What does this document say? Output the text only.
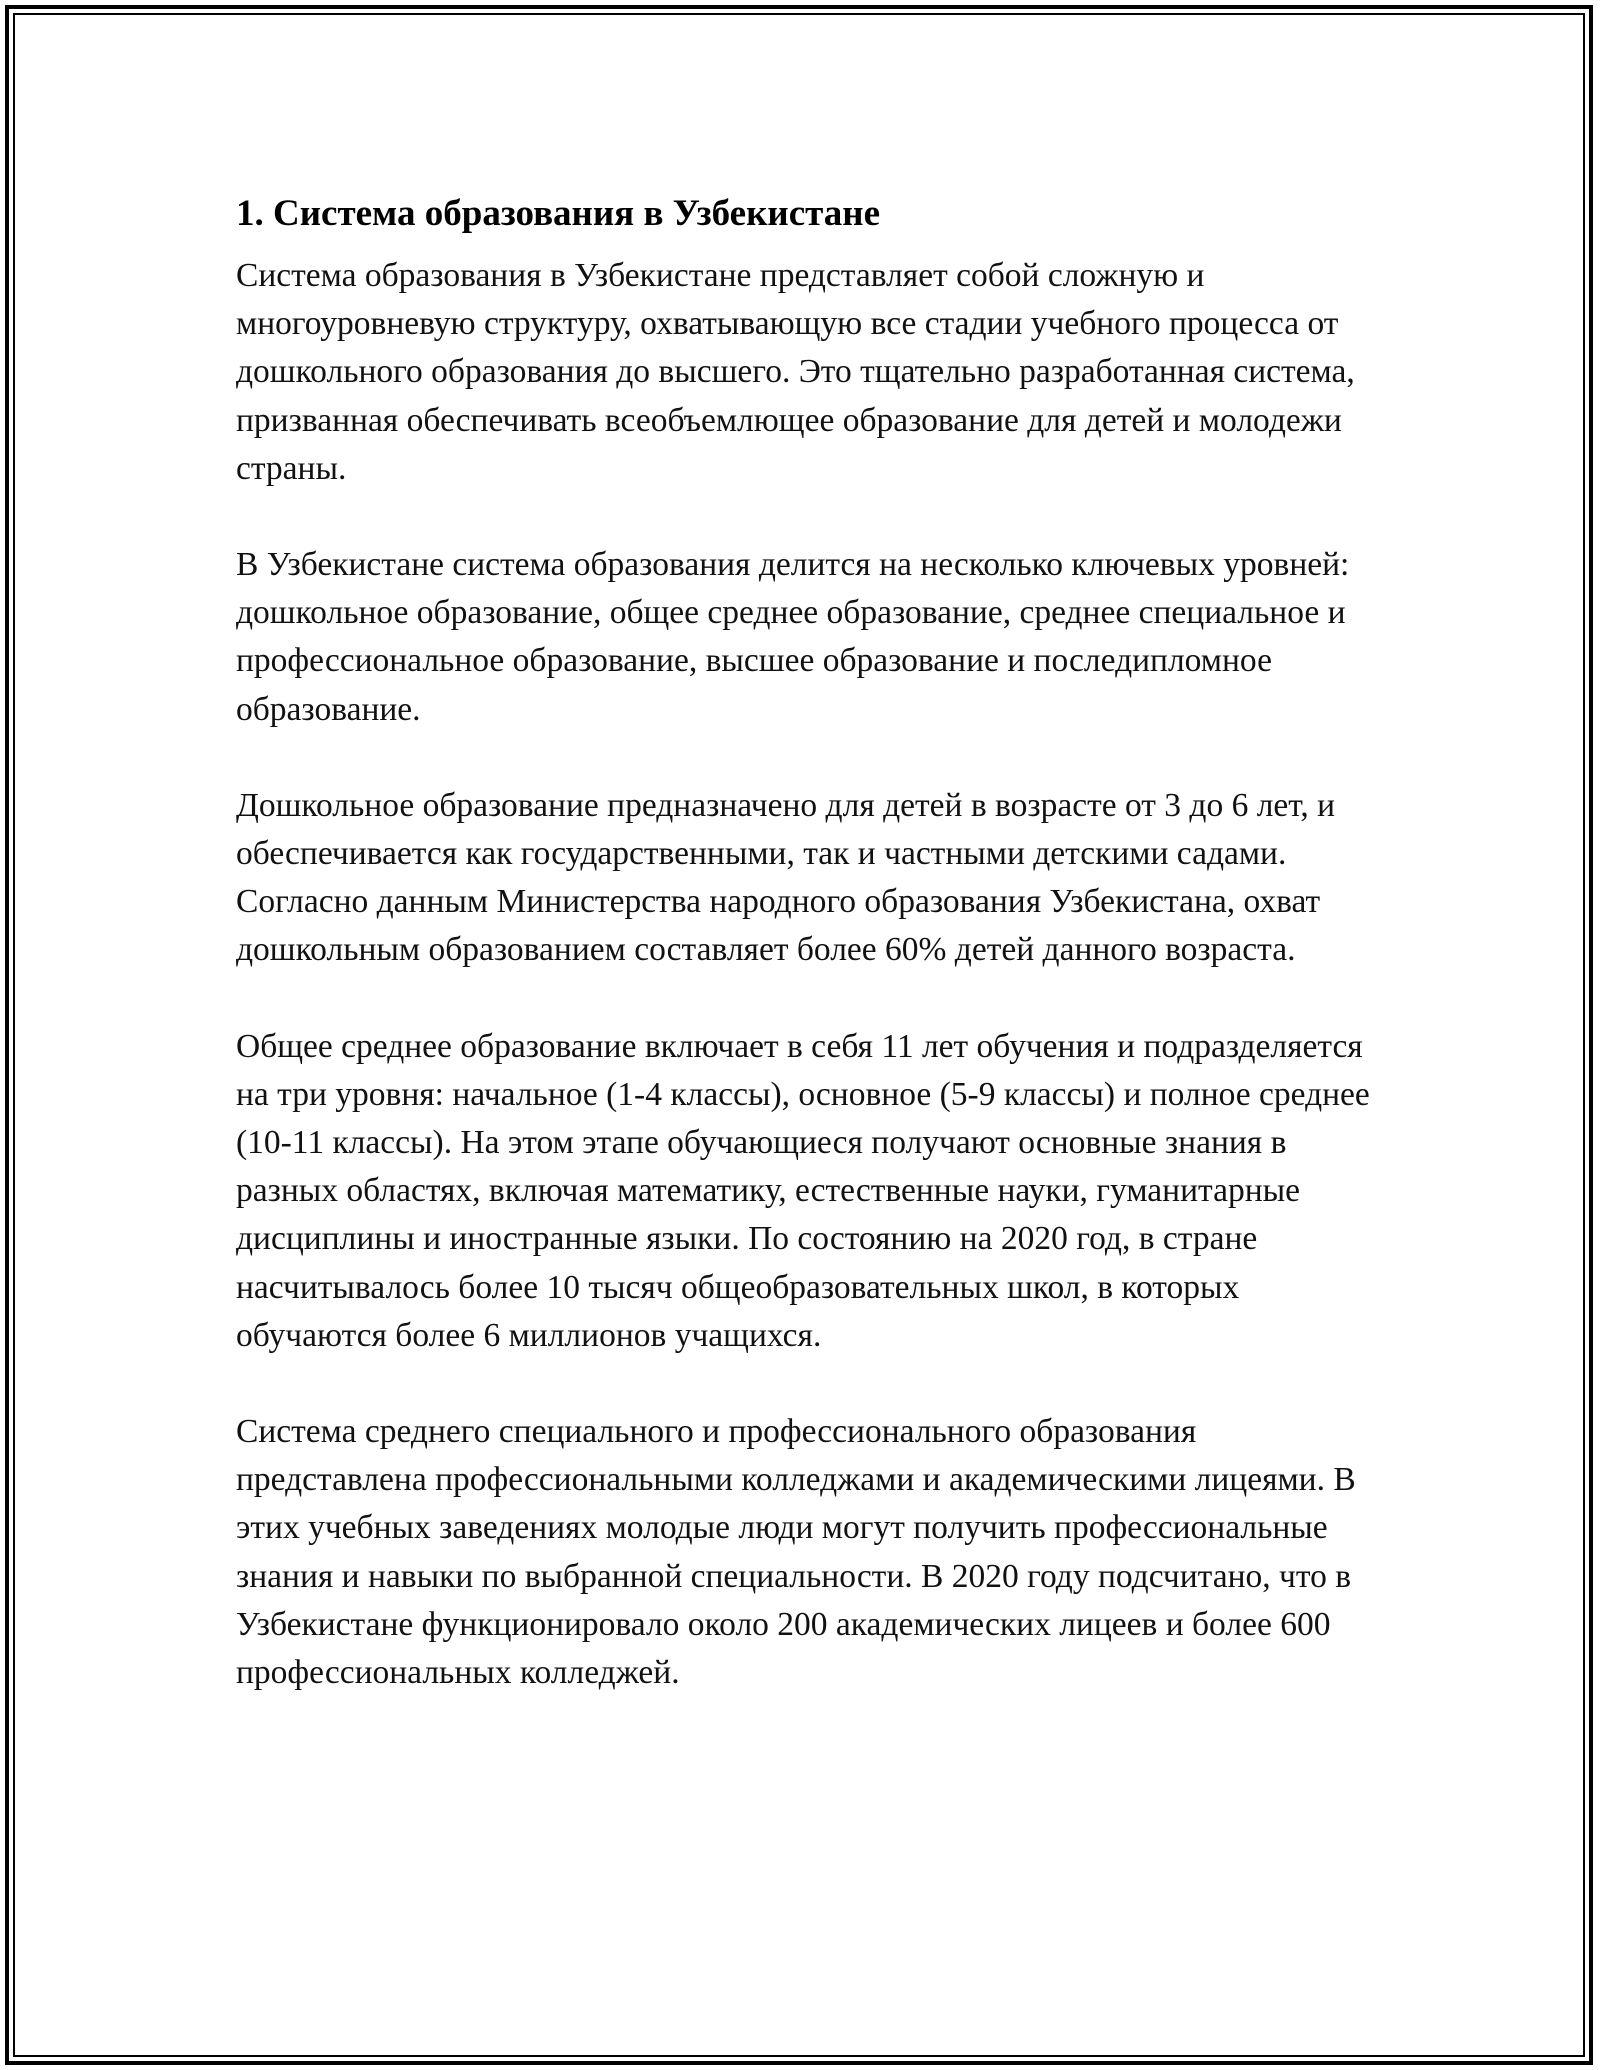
1. Система образования в Узбекистане

Система образования в Узбекистане представляет собой сложную и многоуровневую структуру, охватывающую все стадии учебного процесса от дошкольного образования до высшего. Это тщательно разработанная система, призванная обеспечивать всеобъемлющее образование для детей и молодежи страны.

В Узбекистане система образования делится на несколько ключевых уровней: дошкольное образование, общее среднее образование, среднее специальное и профессиональное образование, высшее образование и последипломное образование.

Дошкольное образование предназначено для детей в возрасте от 3 до 6 лет, и обеспечивается как государственными, так и частными детскими садами. Согласно данным Министерства народного образования Узбекистана, охват дошкольным образованием составляет более 60% детей данного возраста.

Общее среднее образование включает в себя 11 лет обучения и подразделяется на три уровня: начальное (1-4 классы), основное (5-9 классы) и полное среднее (10-11 классы). На этом этапе обучающиеся получают основные знания в разных областях, включая математику, естественные науки, гуманитарные дисциплины и иностранные языки. По состоянию на 2020 год, в стране насчитывалось более 10 тысяч общеобразовательных школ, в которых обучаются более 6 миллионов учащихся.

Система среднего специального и профессионального образования представлена профессиональными колледжами и академическими лицеями. В этих учебных заведениях молодые люди могут получить профессиональные знания и навыки по выбранной специальности. В 2020 году подсчитано, что в Узбекистане функционировало около 200 академических лицеев и более 600 профессиональных колледжей.
